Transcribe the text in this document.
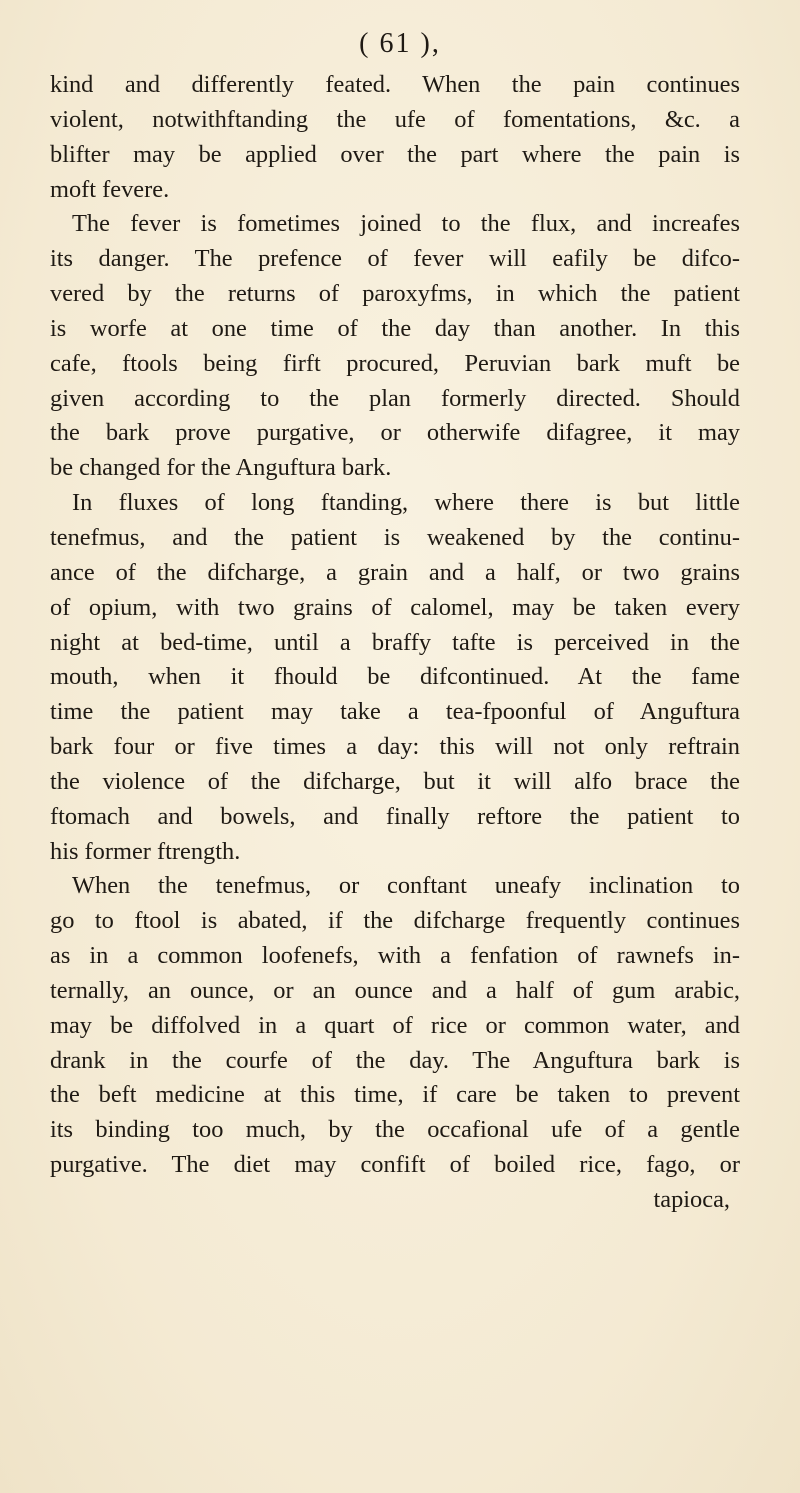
( 61 ),
kind and differently feated. When the pain continues
violent, notwithftanding the ufe of fomentations, &c. a
blifter may be applied over the part where the pain is
moft fevere.
The fever is fometimes joined to the flux, and increafes
its danger. The prefence of fever will eafily be difco-
vered by the returns of paroxyfms, in which the patient
is worfe at one time of the day than another. In this
cafe, ftools being firft procured, Peruvian bark muft be
given according to the plan formerly directed. Should
the bark prove purgative, or otherwife difagree, it may
be changed for the Anguftura bark.
In fluxes of long ftanding, where there is but little
tenefmus, and the patient is weakened by the continu-
ance of the difcharge, a grain and a half, or two grains
of opium, with two grains of calomel, may be taken every
night at bed-time, until a braffy tafte is perceived in the
mouth, when it fhould be difcontinued. At the fame
time the patient may take a tea-fpoonful of Anguftura
bark four or five times a day: this will not only reftrain
the violence of the difcharge, but it will alfo brace the
ftomach and bowels, and finally reftore the patient to
his former ftrength.
When the tenefmus, or conftant uneafy inclination to
go to ftool is abated, if the difcharge frequently continues
as in a common loofenefs, with a fenfation of rawnefs in-
ternally, an ounce, or an ounce and a half of gum arabic,
may be diffolved in a quart of rice or common water, and
drank in the courfe of the day. The Anguftura bark is
the beft medicine at this time, if care be taken to prevent
its binding too much, by the occafional ufe of a gentle
purgative. The diet may confift of boiled rice, fago, or
tapioca,
